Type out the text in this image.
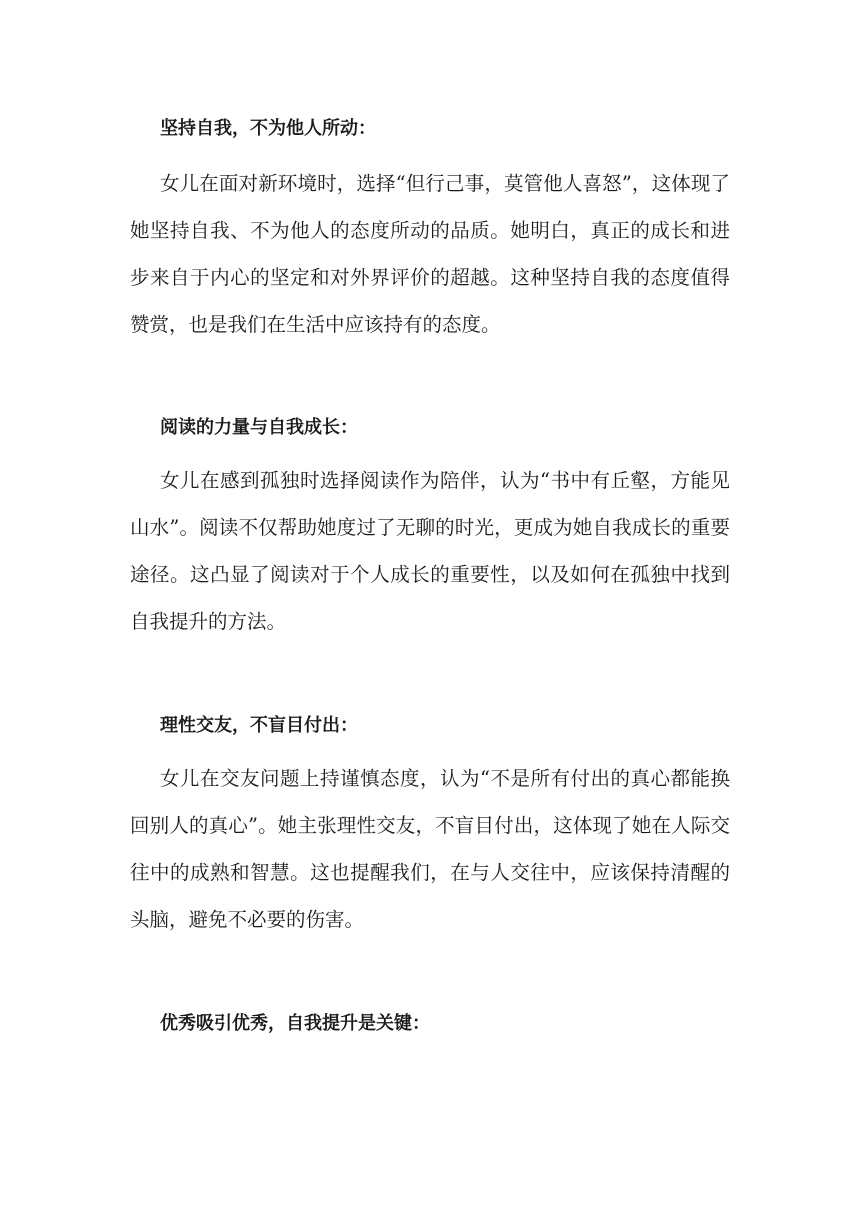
坚持自我，不为他人所动：

女儿在面对新环境时，选择“但行己事，莫管他人喜怒”，这体现了她坚持自我、不为他人的态度所动的品质。她明白，真正的成长和进步来自于内心的坚定和对外界评价的超越。这种坚持自我的态度值得赞赏，也是我们在生活中应该持有的态度。

阅读的力量与自我成长：

女儿在感到孤独时选择阅读作为陪伴，认为“书中有丘壑，方能见山水”。阅读不仅帮助她度过了无聊的时光，更成为她自我成长的重要途径。这凸显了阅读对于个人成长的重要性，以及如何在孤独中找到自我提升的方法。

理性交友，不盲目付出：

女儿在交友问题上持谨慎态度，认为“不是所有付出的真心都能换回别人的真心”。她主张理性交友，不盲目付出，这体现了她在人际交往中的成熟和智慧。这也提醒我们，在与人交往中，应该保持清醒的头脑，避免不必要的伤害。

优秀吸引优秀，自我提升是关键：
